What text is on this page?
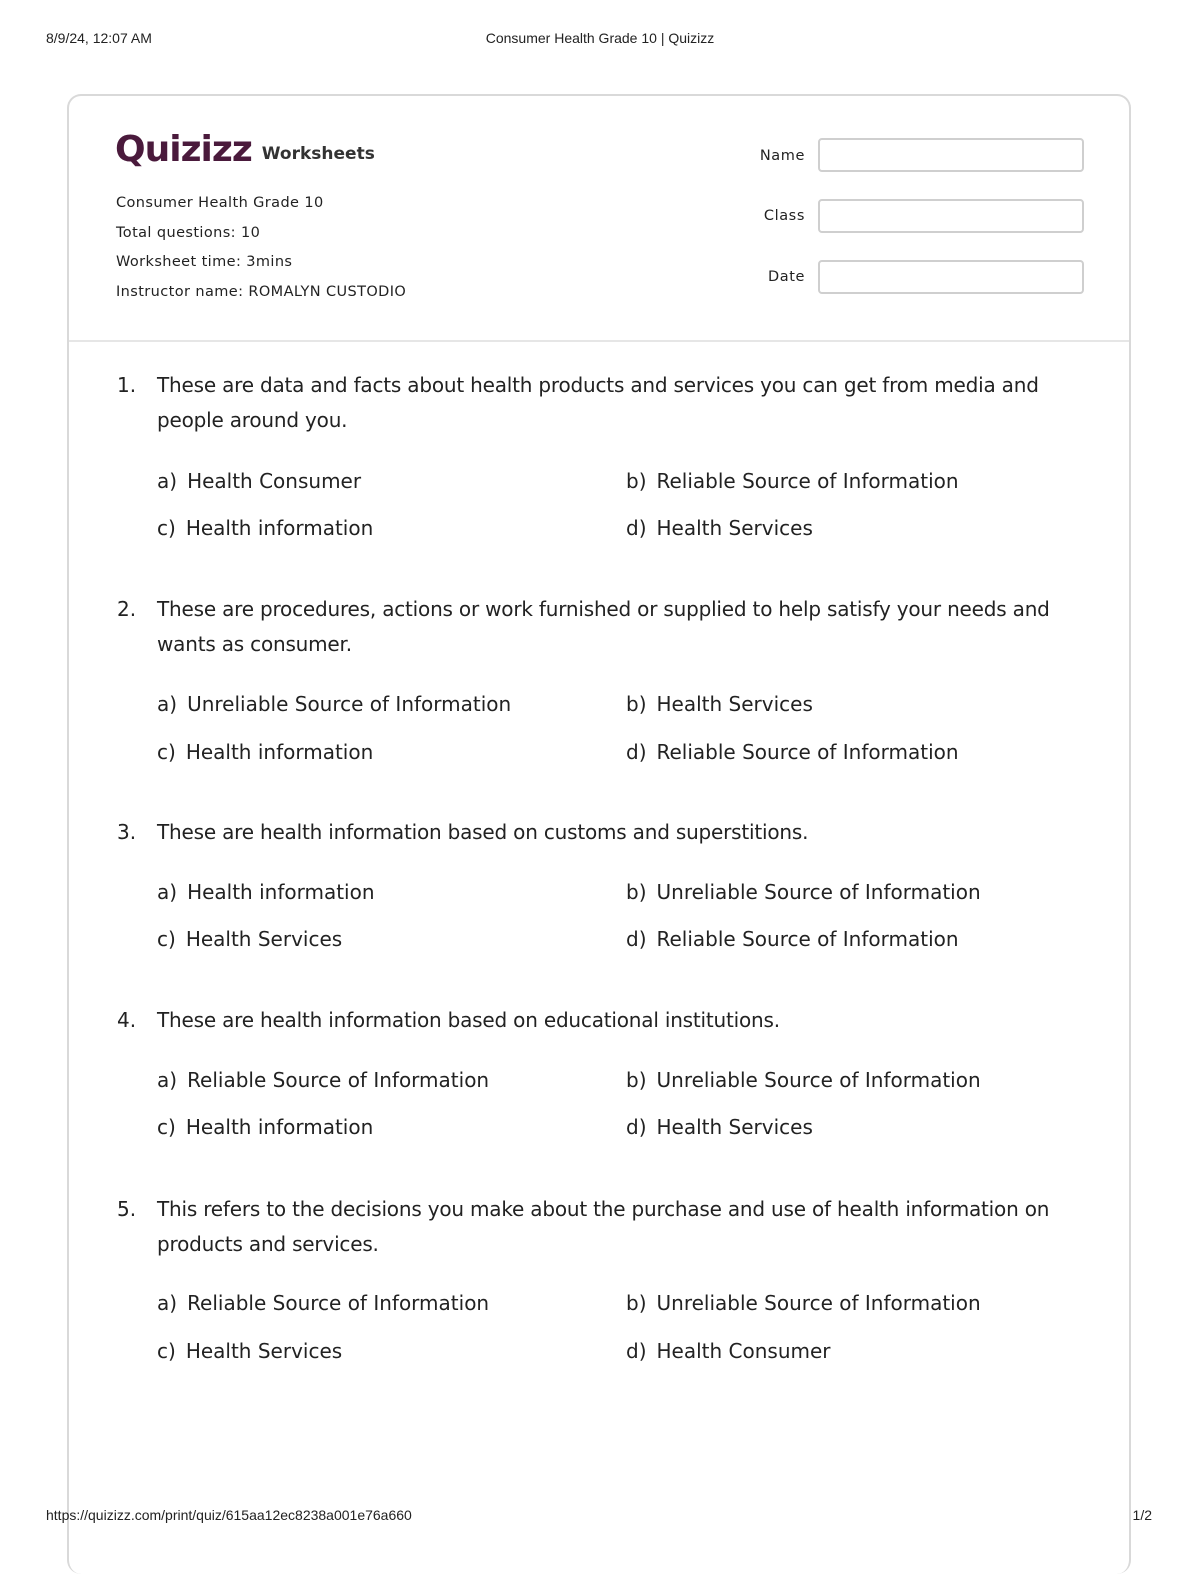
8/9/24, 12:07 AM	Consumer Health Grade 10 | Quizizz
Quizizz Worksheets
Consumer Health Grade 10
Total questions: 10
Worksheet time: 3mins
Instructor name: ROMALYN CUSTODIO
Name
Class
Date
1. These are data and facts about health products and services you can get from media and people around you.
a) Health Consumer	b) Reliable Source of Information
c) Health information	d) Health Services
2. These are procedures, actions or work furnished or supplied to help satisfy your needs and wants as consumer.
a) Unreliable Source of Information	b) Health Services
c) Health information	d) Reliable Source of Information
3. These are health information based on customs and superstitions.
a) Health information	b) Unreliable Source of Information
c) Health Services	d) Reliable Source of Information
4. These are health information based on educational institutions.
a) Reliable Source of Information	b) Unreliable Source of Information
c) Health information	d) Health Services
5. This refers to the decisions you make about the purchase and use of health information on products and services.
a) Reliable Source of Information	b) Unreliable Source of Information
c) Health Services	d) Health Consumer
https://quizizz.com/print/quiz/615aa12ec8238a001e76a660	1/2
